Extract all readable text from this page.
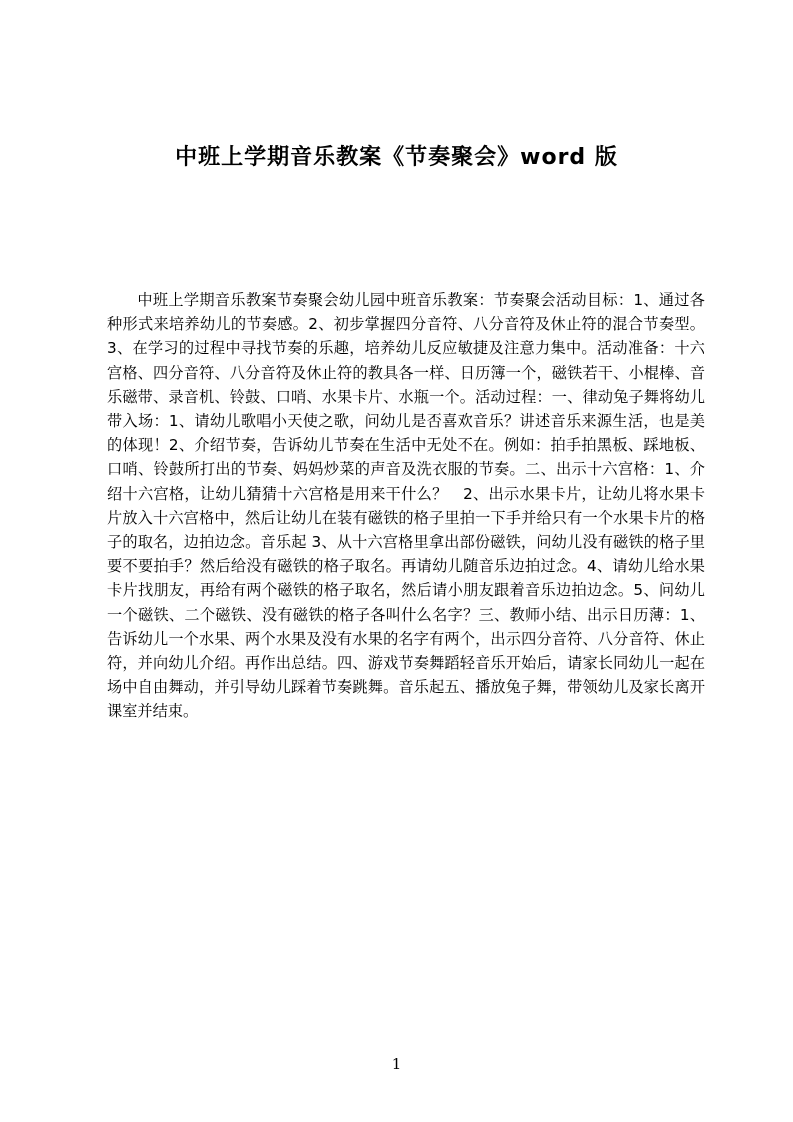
中班上学期音乐教案《节奏聚会》word 版

中班上学期音乐教案节奏聚会幼儿园中班音乐教案：节奏聚会活动目标：1、通过各种形式来培养幼儿的节奏感。2、初步掌握四分音符、八分音符及休止符的混合节奏型。3、在学习的过程中寻找节奏的乐趣，培养幼儿反应敏捷及注意力集中。活动准备：十六宫格、四分音符、八分音符及休止符的教具各一样、日历簿一个，磁铁若干、小棍棒、音乐磁带、录音机、铃鼓、口哨、水果卡片、水瓶一个。活动过程：一、律动兔子舞将幼儿带入场：1、请幼儿歌唱小天使之歌，问幼儿是否喜欢音乐？讲述音乐来源生活，也是美的体现！2、介绍节奏，告诉幼儿节奏在生活中无处不在。例如：拍手拍黑板、踩地板、口哨、铃鼓所打出的节奏、妈妈炒菜的声音及洗衣服的节奏。二、出示十六宫格：1、介绍十六宫格，让幼儿猜猜十六宫格是用来干什么？　2、出示水果卡片，让幼儿将水果卡片放入十六宫格中，然后让幼儿在装有磁铁的格子里拍一下手并给只有一个水果卡片的格子的取名，边拍边念。音乐起 3、从十六宫格里拿出部份磁铁，问幼儿没有磁铁的格子里要不要拍手？然后给没有磁铁的格子取名。再请幼儿随音乐边拍过念。4、请幼儿给水果卡片找朋友，再给有两个磁铁的格子取名，然后请小朋友跟着音乐边拍边念。5、问幼儿一个磁铁、二个磁铁、没有磁铁的格子各叫什么名字？三、教师小结、出示日历薄：1、告诉幼儿一个水果、两个水果及没有水果的名字有两个，出示四分音符、八分音符、休止符，并向幼儿介绍。再作出总结。四、游戏节奏舞蹈轻音乐开始后，请家长同幼儿一起在场中自由舞动，并引导幼儿踩着节奏跳舞。音乐起五、播放兔子舞，带领幼儿及家长离开课室并结束。

1
